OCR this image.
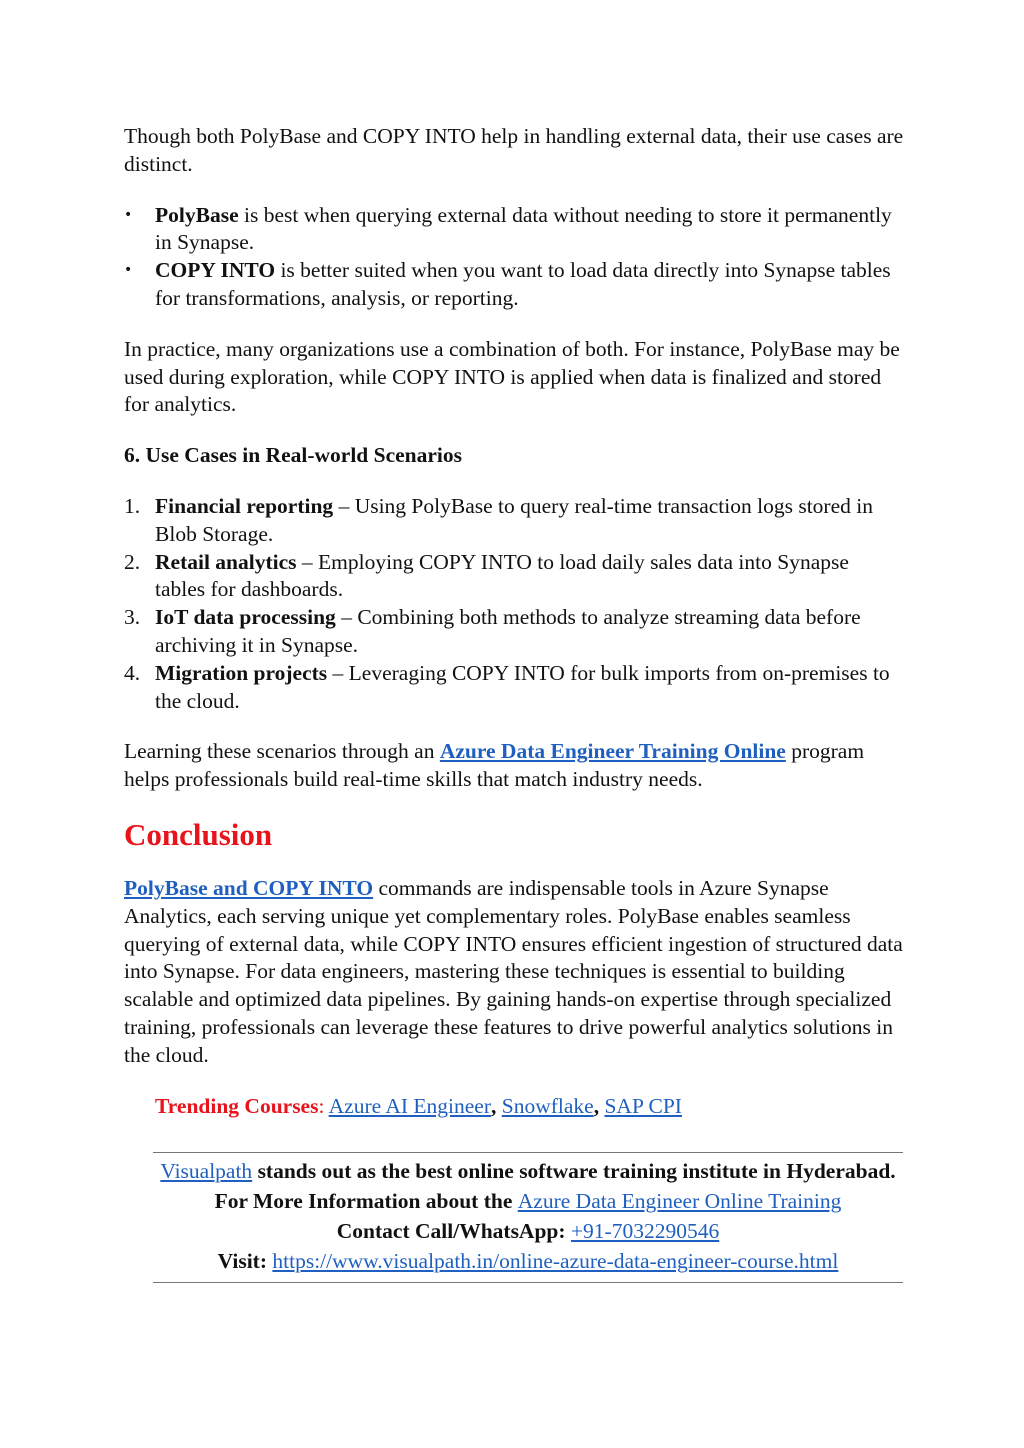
Though both PolyBase and COPY INTO help in handling external data, their use cases are distinct.

•	PolyBase is best when querying external data without needing to store it permanently in Synapse.
•	COPY INTO is better suited when you want to load data directly into Synapse tables for transformations, analysis, or reporting.

In practice, many organizations use a combination of both. For instance, PolyBase may be used during exploration, while COPY INTO is applied when data is finalized and stored for analytics.

6. Use Cases in Real-world Scenarios
1. Financial reporting – Using PolyBase to query real-time transaction logs stored in Blob Storage.
2. Retail analytics – Employing COPY INTO to load daily sales data into Synapse tables for dashboards.
3. IoT data processing – Combining both methods to analyze streaming data before archiving it in Synapse.
4. Migration projects – Leveraging COPY INTO for bulk imports from on-premises to the cloud.

Learning these scenarios through an Azure Data Engineer Training Online program helps professionals build real-time skills that match industry needs.

Conclusion

PolyBase and COPY INTO commands are indispensable tools in Azure Synapse Analytics, each serving unique yet complementary roles. PolyBase enables seamless querying of external data, while COPY INTO ensures efficient ingestion of structured data into Synapse. For data engineers, mastering these techniques is essential to building scalable and optimized data pipelines. By gaining hands-on expertise through specialized training, professionals can leverage these features to drive powerful analytics solutions in the cloud.

Trending Courses: Azure AI Engineer, Snowflake, SAP CPI

Visualpath stands out as the best online software training institute in Hyderabad.
For More Information about the Azure Data Engineer Online Training
Contact Call/WhatsApp: +91-7032290546
Visit: https://www.visualpath.in/online-azure-data-engineer-course.html
